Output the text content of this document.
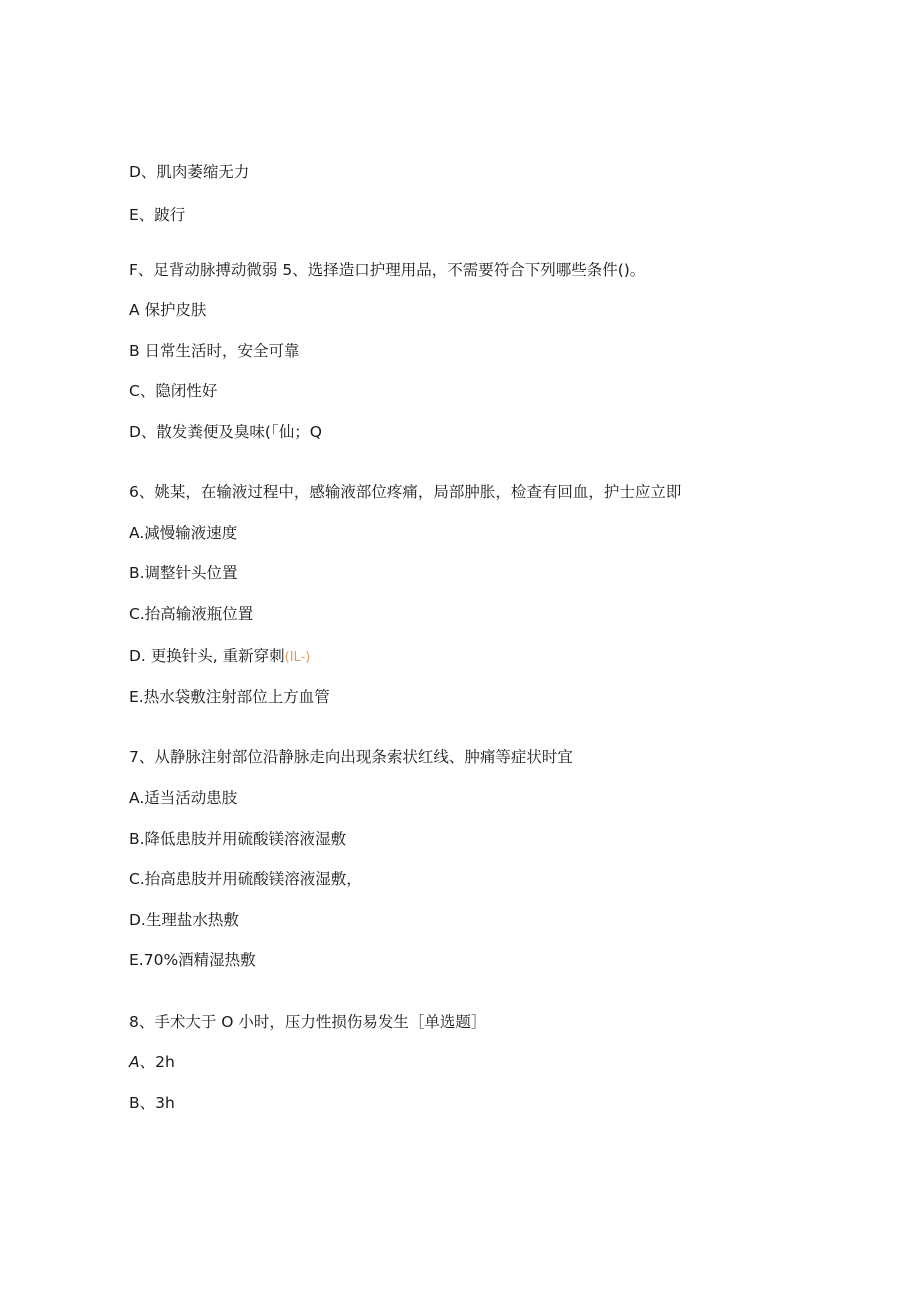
D、肌肉萎缩无力
E、跛行
F、足背动脉搏动微弱 5、选择造口护理用品，不需要符合下列哪些条件()。
A 保护皮肤
B 日常生活时，安全可靠
C、隐闭性好
D、散发粪便及臭味(「仙；Q
6、姚某，在输液过程中，感输液部位疼痛，局部肿胀，检查有回血，护士应立即
A.减慢输液速度
B.调整针头位置
C.抬高输液瓶位置
D. 更换针头, 重新穿刺(IL-)
E.热水袋敷注射部位上方血管
7、从静脉注射部位沿静脉走向出现条索状红线、肿痛等症状时宜
A.适当活动患肢
B.降低患肢并用硫酸镁溶液湿敷
C.抬高患肢并用硫酸镁溶液湿敷，
D.生理盐水热敷
E.70%酒精湿热敷
8、手术大于 O 小时，压力性损伤易发生［单选题］
A、2h
B、3h
